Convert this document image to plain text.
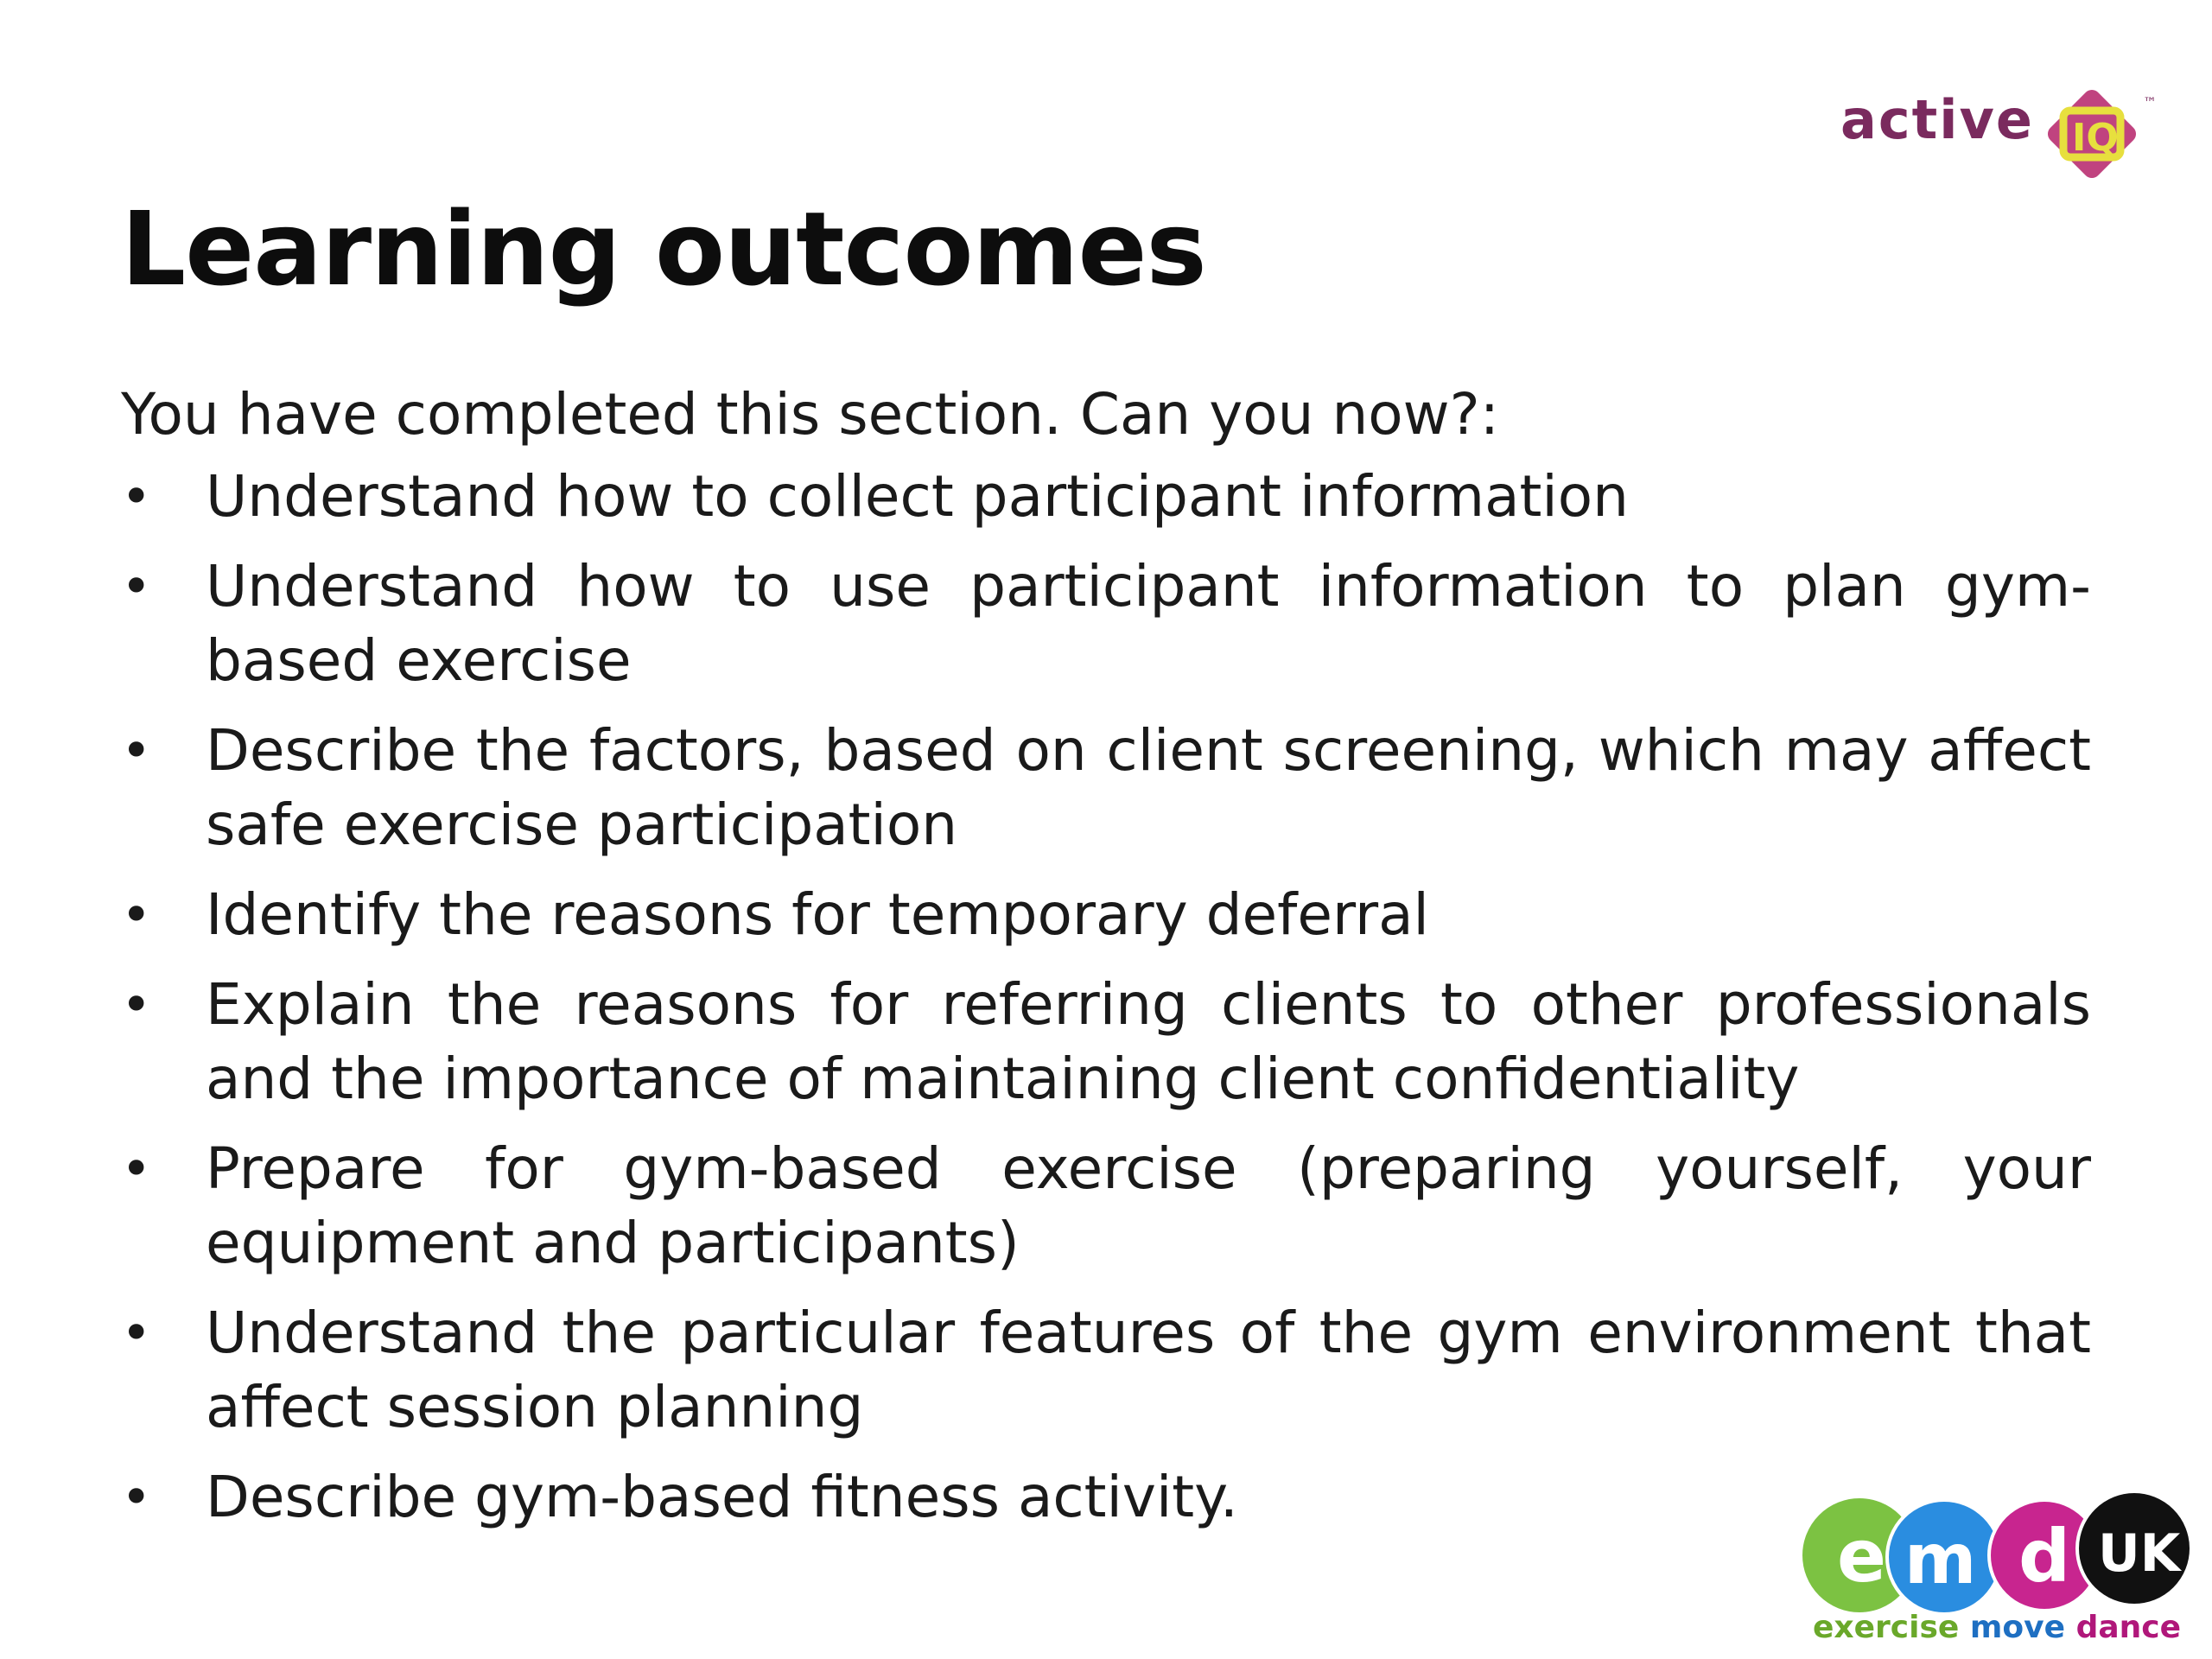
active IQ
™
Learning outcomes

You have completed this section. Can you now?:

• Understand how to collect participant information
• Understand how to use participant information to plan gym-based exercise
• Describe the factors, based on client screening, which may affect safe exercise participation
• Identify the reasons for temporary deferral
• Explain the reasons for referring clients to other professionals and the importance of maintaining client confidentiality
• Prepare for gym-based exercise (preparing yourself, your equipment and participants)
• Understand the particular features of the gym environment that affect session planning
• Describe gym-based fitness activity.
e m d UK
exercise move dance
